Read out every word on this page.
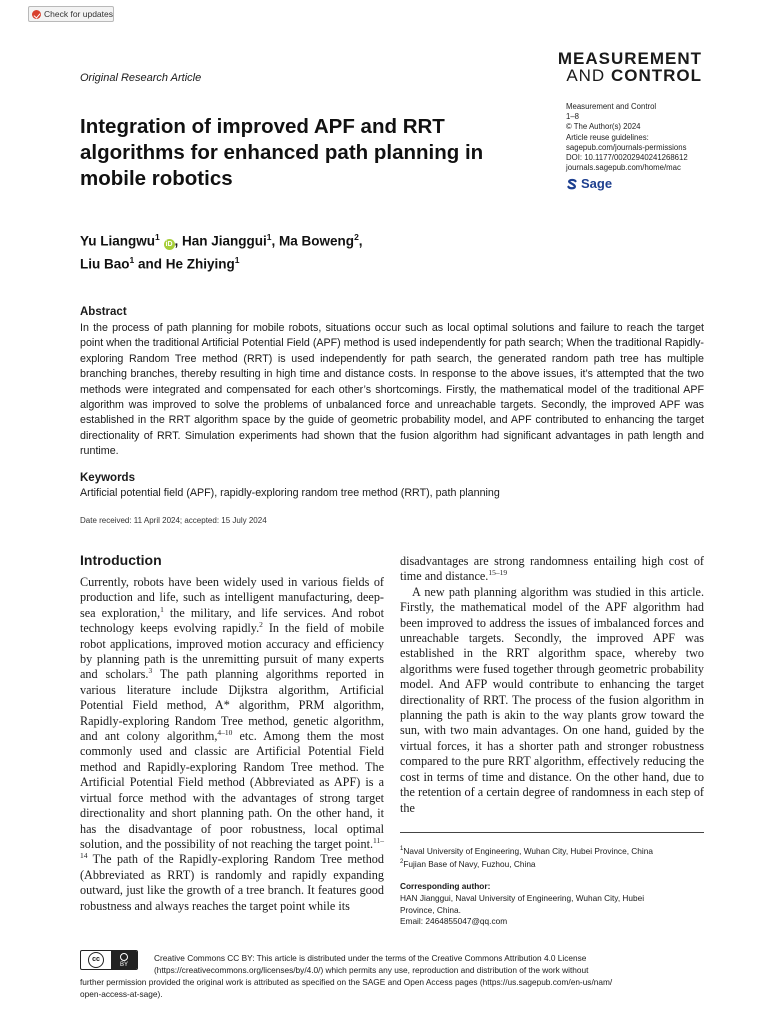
Check for updates
MEASUREMENT
AND CONTROL
Original Research Article
Measurement and Control
1–8
© The Author(s) 2024
Article reuse guidelines:
sagepub.com/journals-permissions
DOI: 10.1177/00202940241268612
journals.sagepub.com/home/mac
Sage
Integration of improved APF and RRT algorithms for enhanced path planning in mobile robotics
Yu Liangwu$^1$ iD , Han Jianggui$^1$, Ma Boweng$^2$,
Liu Bao$^1$ and He Zhiying$^1$
Abstract
In the process of path planning for mobile robots, situations occur such as local optimal solutions and failure to reach the target point when the traditional Artificial Potential Field (APF) method is used independently for path search; When the traditional Rapidly-exploring Random Tree method (RRT) is used independently for path search, the generated random path tree has multiple branching branches, thereby resulting in high time and distance costs. In response to the above issues, it’s attempted that the two methods were integrated and compensated for each other’s shortcomings. Firstly, the mathematical model of the traditional APF algorithm was improved to solve the problems of unbalanced force and unreachable targets. Secondly, the improved APF was established in the RRT algorithm space by the guide of geometric probability model, and APF contributed to enhancing the target directionality of RRT. Simulation experiments had shown that the fusion algorithm had significant advantages in path length and runtime.
Keywords
Artificial potential field (APF), rapidly-exploring random tree method (RRT), path planning
Date received: 11 April 2024; accepted: 15 July 2024
Introduction

Currently, robots have been widely used in various fields of production and life, such as intelligent manufacturing, deep-sea exploration,$^1$ the military, and life services. And robot technology keeps evolving rapidly.$^2$ In the field of mobile robot applications, improved motion accuracy and efficiency by planning path is the unremitting pursuit of many experts and scholars.$^3$ The path planning algorithms reported in various literature include Dijkstra algorithm, Artificial Potential Field method, A* algorithm, PRM algorithm, Rapidly-exploring Random Tree method, genetic algorithm, and ant colony algorithm,$^{4-10}$ etc. Among them the most commonly used and classic are Artificial Potential Field method and Rapidly-exploring Random Tree method. The Artificial Potential Field method (Abbreviated as APF) is a virtual force method with the advantages of strong target directionality and short planning path. On the other hand, it has the disadvantage of poor robustness, local optimal solution, and the possibility of not reaching the target point.$^{11-14}$ The path of the Rapidly-exploring Random Tree method (Abbreviated as RRT) is randomly and rapidly expanding outward, just like the growth of a tree branch. It features good robustness and always reaches the target point while its

disadvantages are strong randomness entailing high cost of time and distance.$^{15-19}$

A new path planning algorithm was studied in this article. Firstly, the mathematical model of the APF algorithm had been improved to address the issues of imbalanced forces and unreachable targets. Secondly, the improved APF was established in the RRT algorithm space, whereby two algorithms were fused together through geometric probability model. And AFP would contribute to enhancing the target directionality of RRT. The process of the fusion algorithm in planning the path is akin to the way plants grow toward the sun, with two main advantages. On one hand, guided by the virtual forces, it has a shorter path and stronger robustness compared to the pure RRT algorithm, effectively reducing the cost in terms of time and distance. On the other hand, due to the retention of a certain degree of randomness in each step of the

$^1$Naval University of Engineering, Wuhan City, Hubei Province, China
$^2$Fujian Base of Navy, Fuzhou, China
Corresponding author:
HAN Jianggui, Naval University of Engineering, Wuhan City, Hubei
Province, China.
Email: 2464855047@qq.com
cc
BY
Creative Commons CC BY: This article is distributed under the terms of the Creative Commons Attribution 4.0 License
(https://creativecommons.org/licenses/by/4.0/) which permits any use, reproduction and distribution of the work without
further permission provided the original work is attributed as specified on the SAGE and Open Access pages (https://us.sagepub.com/en-us/nam/
open-access-at-sage).
